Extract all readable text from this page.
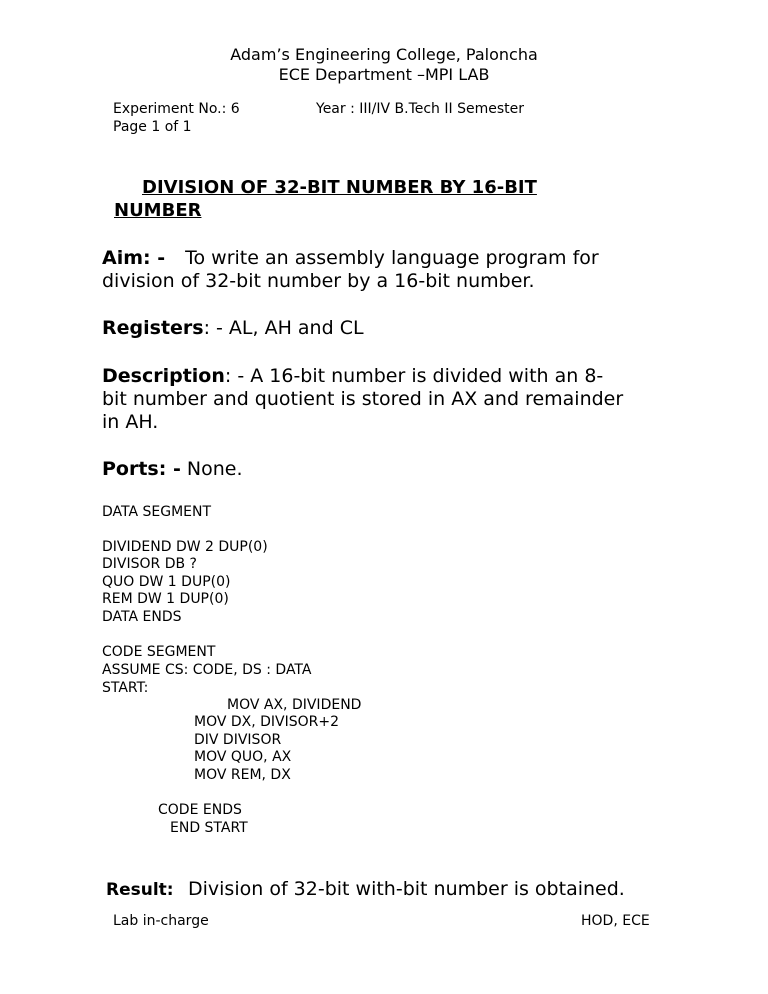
Adam’s Engineering College, Paloncha
ECE Department –MPI LAB
Experiment No.: 6	Year : III/IV B.Tech II Semester
Page 1 of 1
DIVISION OF 32-BIT NUMBER BY 16-BIT
NUMBER
Aim: - To write an assembly language program for
division of 32-bit number by a 16-bit number.
Registers: - AL, AH and CL
Description: - A 16-bit number is divided with an 8-
bit number and quotient is stored in AX and remainder
in AH.
Ports: - None.
DATA SEGMENT
DIVIDEND DW 2 DUP(0)
DIVISOR DB ?
QUO DW 1 DUP(0)
REM DW 1 DUP(0)
DATA ENDS
CODE SEGMENT
ASSUME CS: CODE, DS : DATA
START:
MOV AX, DIVIDEND
MOV DX, DIVISOR+2
DIV DIVISOR
MOV QUO, AX
MOV REM, DX
CODE ENDS
END START
Result: Division of 32-bit with-bit number is obtained.
Lab in-charge	HOD, ECE
